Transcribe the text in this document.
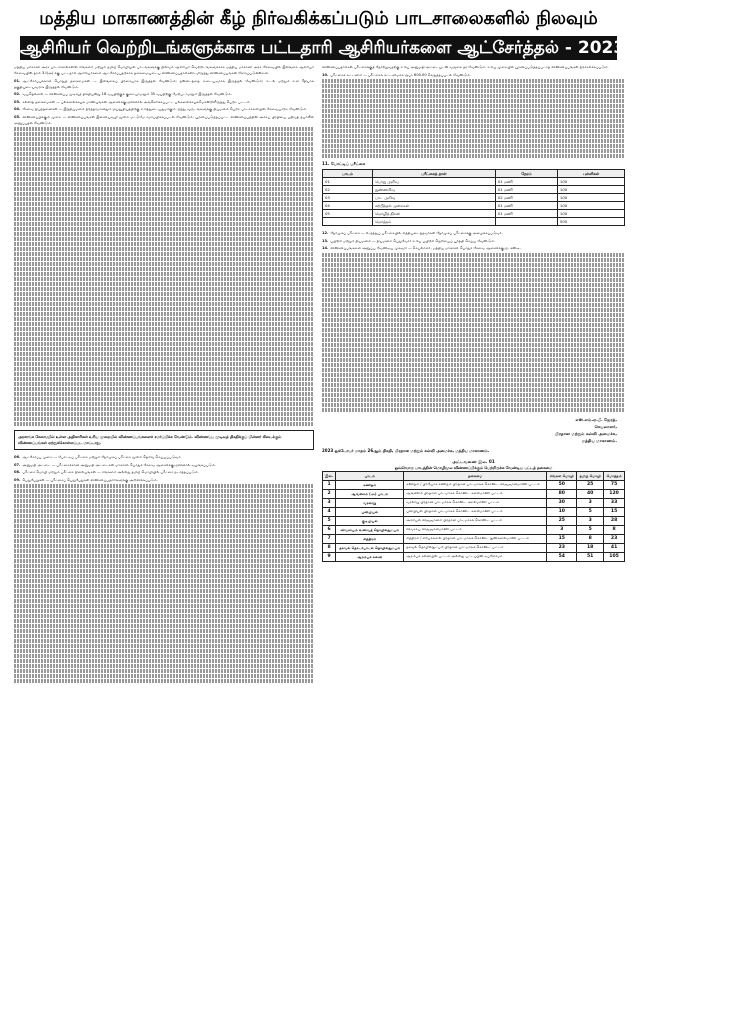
மத்திய மாகாணத்தின் கீழ் நிர்வகிக்கப்படும் பாடசாலைகளில் நிலவும்
ஆசிரியர் வெற்றிடங்களுக்காக பட்டதாரி ஆசிரியர்களை ஆட்சேர்த்தல் - 2023 (IIஆம் கட்டம்)
மத்திய மாகாண அரச பாடசாலைகளில் சிங்களம் மற்றும் தமிழ் மொழிமூல பாடங்களுக்கு நிலவும் ஆசிரியர் வெற்றிடங்களுக்காக மத்திய மாகாண அரச சேவையில் இலங்கை ஆசிரியர் சேவையின் தரம் 3-I(அ) க்கு பட்டதாரி ஆசிரியர்களை ஆட்சேர்ப்பதற்காக தகைமையுடைய விண்ணப்பதாரிகளிடமிருந்து விண்ணப்பங்கள் கோரப்படுகின்றன.
01. ஆட்சேர்ப்புக்கான பொதுத் தகைமைகள் — இலங்கைப் பிரசையாக இருத்தல் வேண்டும்; நன்னடத்தை உடையவராக இருத்தல் வேண்டும்; உடல் மற்றும் உள ரீதியாக தகுதியுடையவராக இருத்தல் வேண்டும்.
02. வயதெல்லை — விண்ணப்ப முடிவுத் திகதியன்று 18 வயதிற்குக் குறையாமலும் 35 வயதிற்கு மேற்படாமலும் இருத்தல் வேண்டும்.
03. கல்வித் தகைமைகள் — பல்கலைக்கழக மானியங்கள் ஆணைக்குழுவினால் அங்கீகரிக்கப்பட்ட பல்கலைக்கழகமொன்றிலிருந்து பெற்ற பட்டம்.
04. சேவை நிபந்தனைகள் — இந்நியமனம் நிரந்தரமானதும் ஓய்வூதியத்திற்கு உரித்துடையதுமாகும். ஐந்து வருடங்களுக்கு நியமனம் பெற்ற பாடசாலையில் சேவையாற்ற வேண்டும்.
05. விண்ணப்பிக்கும் முறை — விண்ணப்பங்கள் இணையவழி மூலம் மட்டுமே சமர்ப்பிக்கப்படல் வேண்டும். பூரணப்படுத்தப்பட்ட விண்ணப்பத்தின் அச்சுப் பிரதியை பதிவுத் தபாலில் அனுப்புதல் வேண்டும்.
அரசாங்க சேவையில் உள்ள அதிகாரிகள் உரிய முறையில் விண்ணப்பங்களைச் சமர்ப்பிக்க வேண்டும். விண்ணப்ப முடிவுத் திகதிக்குப் பின்னர் கிடைக்கும் விண்ணப்பங்கள் ஏற்றுக்கொள்ளப்பட மாட்டாது.
06. ஆட்சேர்ப்பு முறை — போட்டிப் பரீட்சை மற்றும் நேர்முகப் பரீட்சை மூலம் தெரிவு செய்யப்படுவர்.
07. அனுமதி அட்டை — பரீட்சைக்கான அனுமதி அட்டைகள் மாகாண பொதுச் சேவை ஆணைக்குழுவினால் வழங்கப்படும்.
08. பரீட்சை மொழி மற்றும் பரீட்சை நிலையங்கள் — சிங்களம் அல்லது தமிழ் மொழியில் பரீட்சை நடாத்தப்படும்.
09. பெறுபேறுகள் — பரீட்சைப் பெறுபேறுகள் விண்ணப்பதாரிகளுக்கு அறிவிக்கப்படும்.
விண்ணப்பதாரிகள் பரீட்சைக்குத் தோற்றுவதற்கு உரிய அனுமதி அட்டையுடன் வருகை தர வேண்டும். உரிய முறையில் பூரணப்படுத்தப்படாத விண்ணப்பங்கள் நிராகரிக்கப்படும்.
10. பரீட்சைக் கட்டணம் — பரீட்சைக் கட்டணமாக ரூபா 600.00 செலுத்தப்படல் வேண்டும்.
11. போட்டிப் பரீட்சை
பாடம்	பரீட்சைத் தாள்	நேரம்	புள்ளிகள்
01	பொது அறிவு	01 மணி	100
02	நுண்ணறிவு	01 மணி	100
03	பாட அறிவு	02 மணி	100
04	கற்பித்தல் முறைகள்	01 மணி	100
05	மொழித் திறன்	01 மணி	100
	மொத்தம்		500
12. நேர்முகப் பரீட்சை — எழுத்துப் பரீட்சையில் சித்தியடைந்தவர்கள் நேர்முகப் பரீட்சைக்கு அழைக்கப்படுவர்.
13. பயிற்சி மற்றும் நியமனம் — நியமனம் பெறுவோர் உரிய பயிற்சி நெறியைப் பூர்த்தி செய்ய வேண்டும்.
14. விண்ணப்பங்களை அனுப்ப வேண்டிய முகவரி — செயலாளர், மத்திய மாகாண பொதுச் சேவை ஆணைக்குழு, கண்டி.
எஸ்.எம்.ஏ.பீ. ஜேரத்,
செயலாளர்,
பிரதான மற்றும் கல்வி அமைச்சு,
மத்திய மாகாணம்.
2023 ஒக்டோபர் மாதம் 26ஆம் திகதி, பிரதான மற்றும் கல்வி அமைச்சு, மத்திய மாகாணம்.
அட்டவணை இல. 01
ஒவ்வொரு பாடத்தின் மொழிமூல விண்ணப்பிக்கும் பெற்றிருக்க வேண்டிய பட்டத் தகைமை
இல.	பாடம்	தகைமை	சிங்கள மொழி	தமிழ் மொழி	மொத்தம்
1	கணிதம்	கணிதம் / பிரயோக கணிதம் பிரதான பாடமாகக் கொண்ட விஞ்ஞானமாணி பட்டம்	50	25	75
2	ஆங்கிலம் (அ) பாடம்	ஆங்கிலம் பிரதான பாடமாகக் கொண்ட கலைமாணி பட்டம்	80	40	120
3	வரலாறு	வரலாறு பிரதான பாடமாகக் கொண்ட கலைமாணி பட்டம்	30	3	33
4	புவியியல்	புவியியல் பிரதான பாடமாகக் கொண்ட கலைமாணி பட்டம்	10	5	15
5	குடியியல்	அரசியல் விஞ்ஞானம் பிரதான பாடமாகக் கொண்ட பட்டம்	25	3	28
6	விவசாயம் உணவுத் தொழில்நுட்பம்	விவசாய விஞ்ஞானமாணி பட்டம்	3	5	8
7	சித்திரம்	சித்திரம் / சிற்பக்கலை பிரதான பாடமாகக் கொண்ட நுண்கலைமாணி பட்டம்	15	8	23
8	தகவல் தொடர்பாடல் தொழில்நுட்பம்	தகவல் தொழில்நுட்பம் பிரதான பாடமாகக் கொண்ட பட்டம்	23	18	41
9	ஆரம்பக் கல்வி	ஆரம்பக் கல்வியில் பட்டம் அல்லது பட்டப்பின் டிப்ளோமா	54	51	105
